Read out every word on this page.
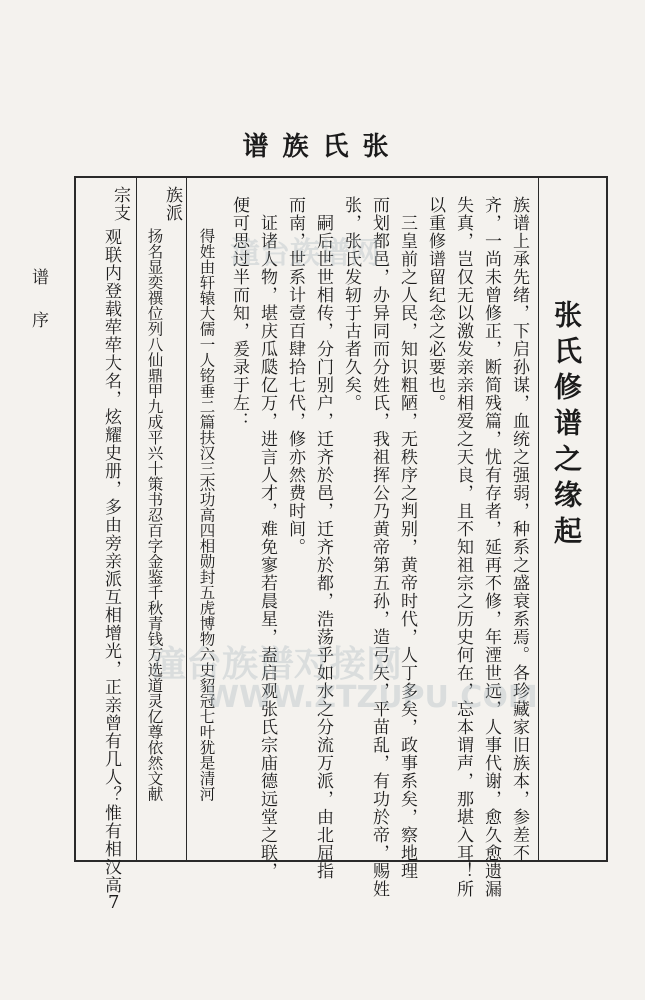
谱族氏张
张氏修谱之缘起
族谱上承先绪，下启孙谋，血统之强弱，种系之盛衰系焉。各珍藏家旧族本，参差不
齐，一尚未曾修正，断简残篇，忧有存者，延再不修，年湮世远，人事代谢，愈久愈遗漏
失真，岂仅无以激发亲亲相爱之天良，且不知祖宗之历史何在，忘本谓声，那堪入耳！所
以重修谱留纪念之必要也。
三皇前之人民，知识粗陋，无秩序之判别，黄帝时代，人丁多矣，政事系矣，察地理
而划都邑，办异同而分姓氏，我祖挥公乃黄帝第五孙，造弓矢，平苗乱，有功於帝，赐姓
张，张氏发轫于古者久矣。
嗣后世世相传，分门别户，迁齐於邑，迁齐於都，浩荡乎如水之分流万派，由北屈指
而南，世系计壹百肆拾七代，修亦然费时间。
证诸人物，堪庆瓜瓞亿万，进言人才，难免寥若晨星，盍启观张氏宗庙德远堂之联，
便可思过半而知，爰录于左：
得姓由轩辕大儒一人铭垂二篇扶汉三杰功高四相勋封五虎博物六史貂冠七叶犹是清河
扬名显奕禩位列八仙鼎甲九成平兴十策书忍百字金鉴千秋青钱万选道灵亿尊依然文献
观联内登载荦荦大名，炫耀史册，多由旁亲派互相增光，正亲曾有几人？惟有相汉高
族派
宗支
谱序
7
潼台族谱网
潼台族谱对接网
WWW.ZTZUPU.COM
